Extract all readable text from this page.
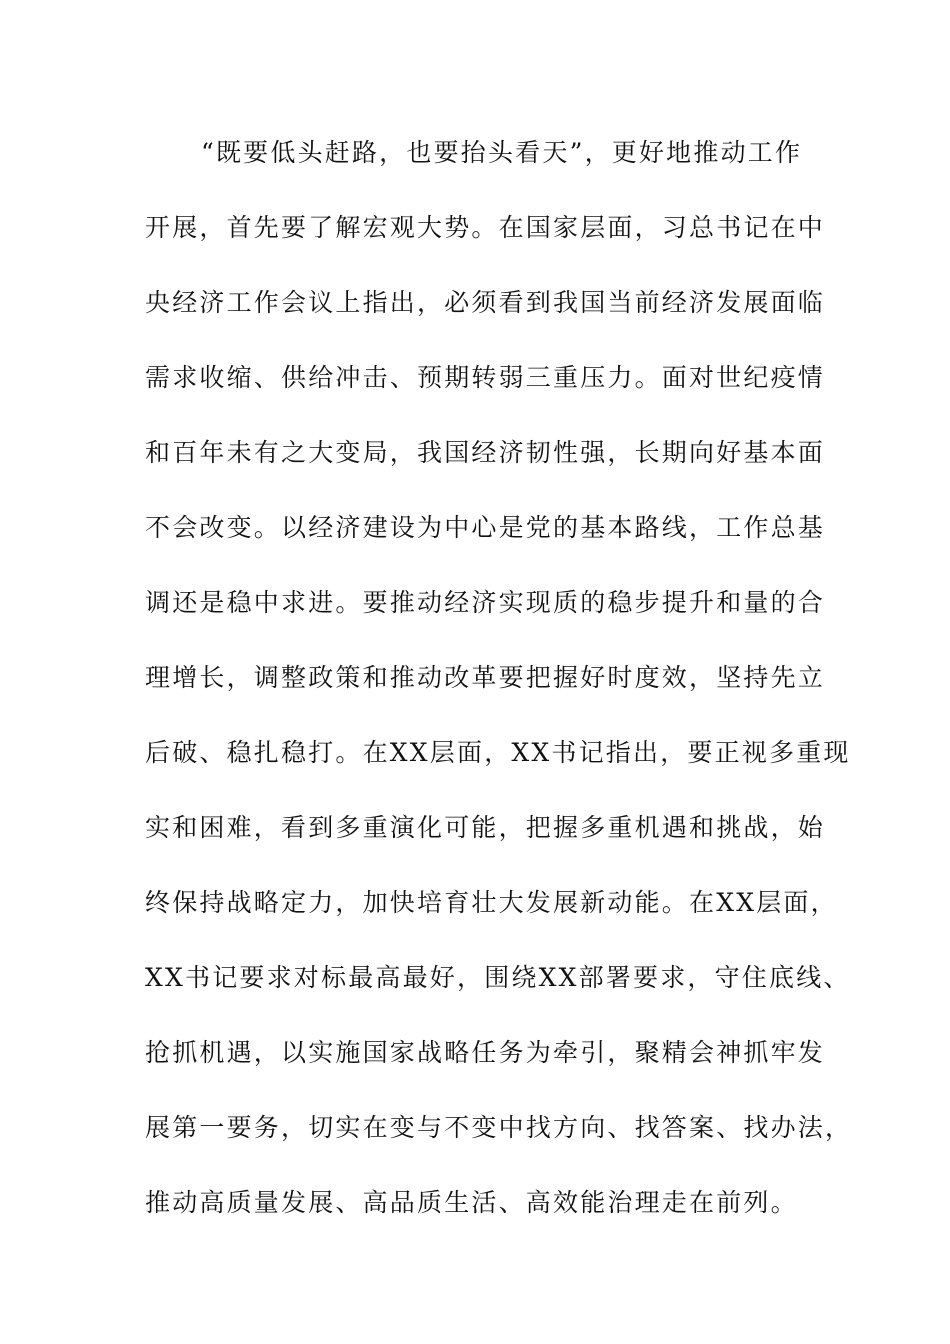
“既要低头赶路，也要抬头看天”，更好地推动工作
开展，首先要了解宏观大势。在国家层面，习总书记在中
央经济工作会议上指出，必须看到我国当前经济发展面临
需求收缩、供给冲击、预期转弱三重压力。面对世纪疫情
和百年未有之大变局，我国经济韧性强，长期向好基本面
不会改变。以经济建设为中心是党的基本路线，工作总基
调还是稳中求进。要推动经济实现质的稳步提升和量的合
理增长，调整政策和推动改革要把握好时度效，坚持先立
后破、稳扎稳打。在XX层面，XX书记指出，要正视多重现
实和困难，看到多重演化可能，把握多重机遇和挑战，始
终保持战略定力，加快培育壮大发展新动能。在XX层面，
XX书记要求对标最高最好，围绕XX部署要求，守住底线、
抢抓机遇，以实施国家战略任务为牵引，聚精会神抓牢发
展第一要务，切实在变与不变中找方向、找答案、找办法，
推动高质量发展、高品质生活、高效能治理走在前列。
